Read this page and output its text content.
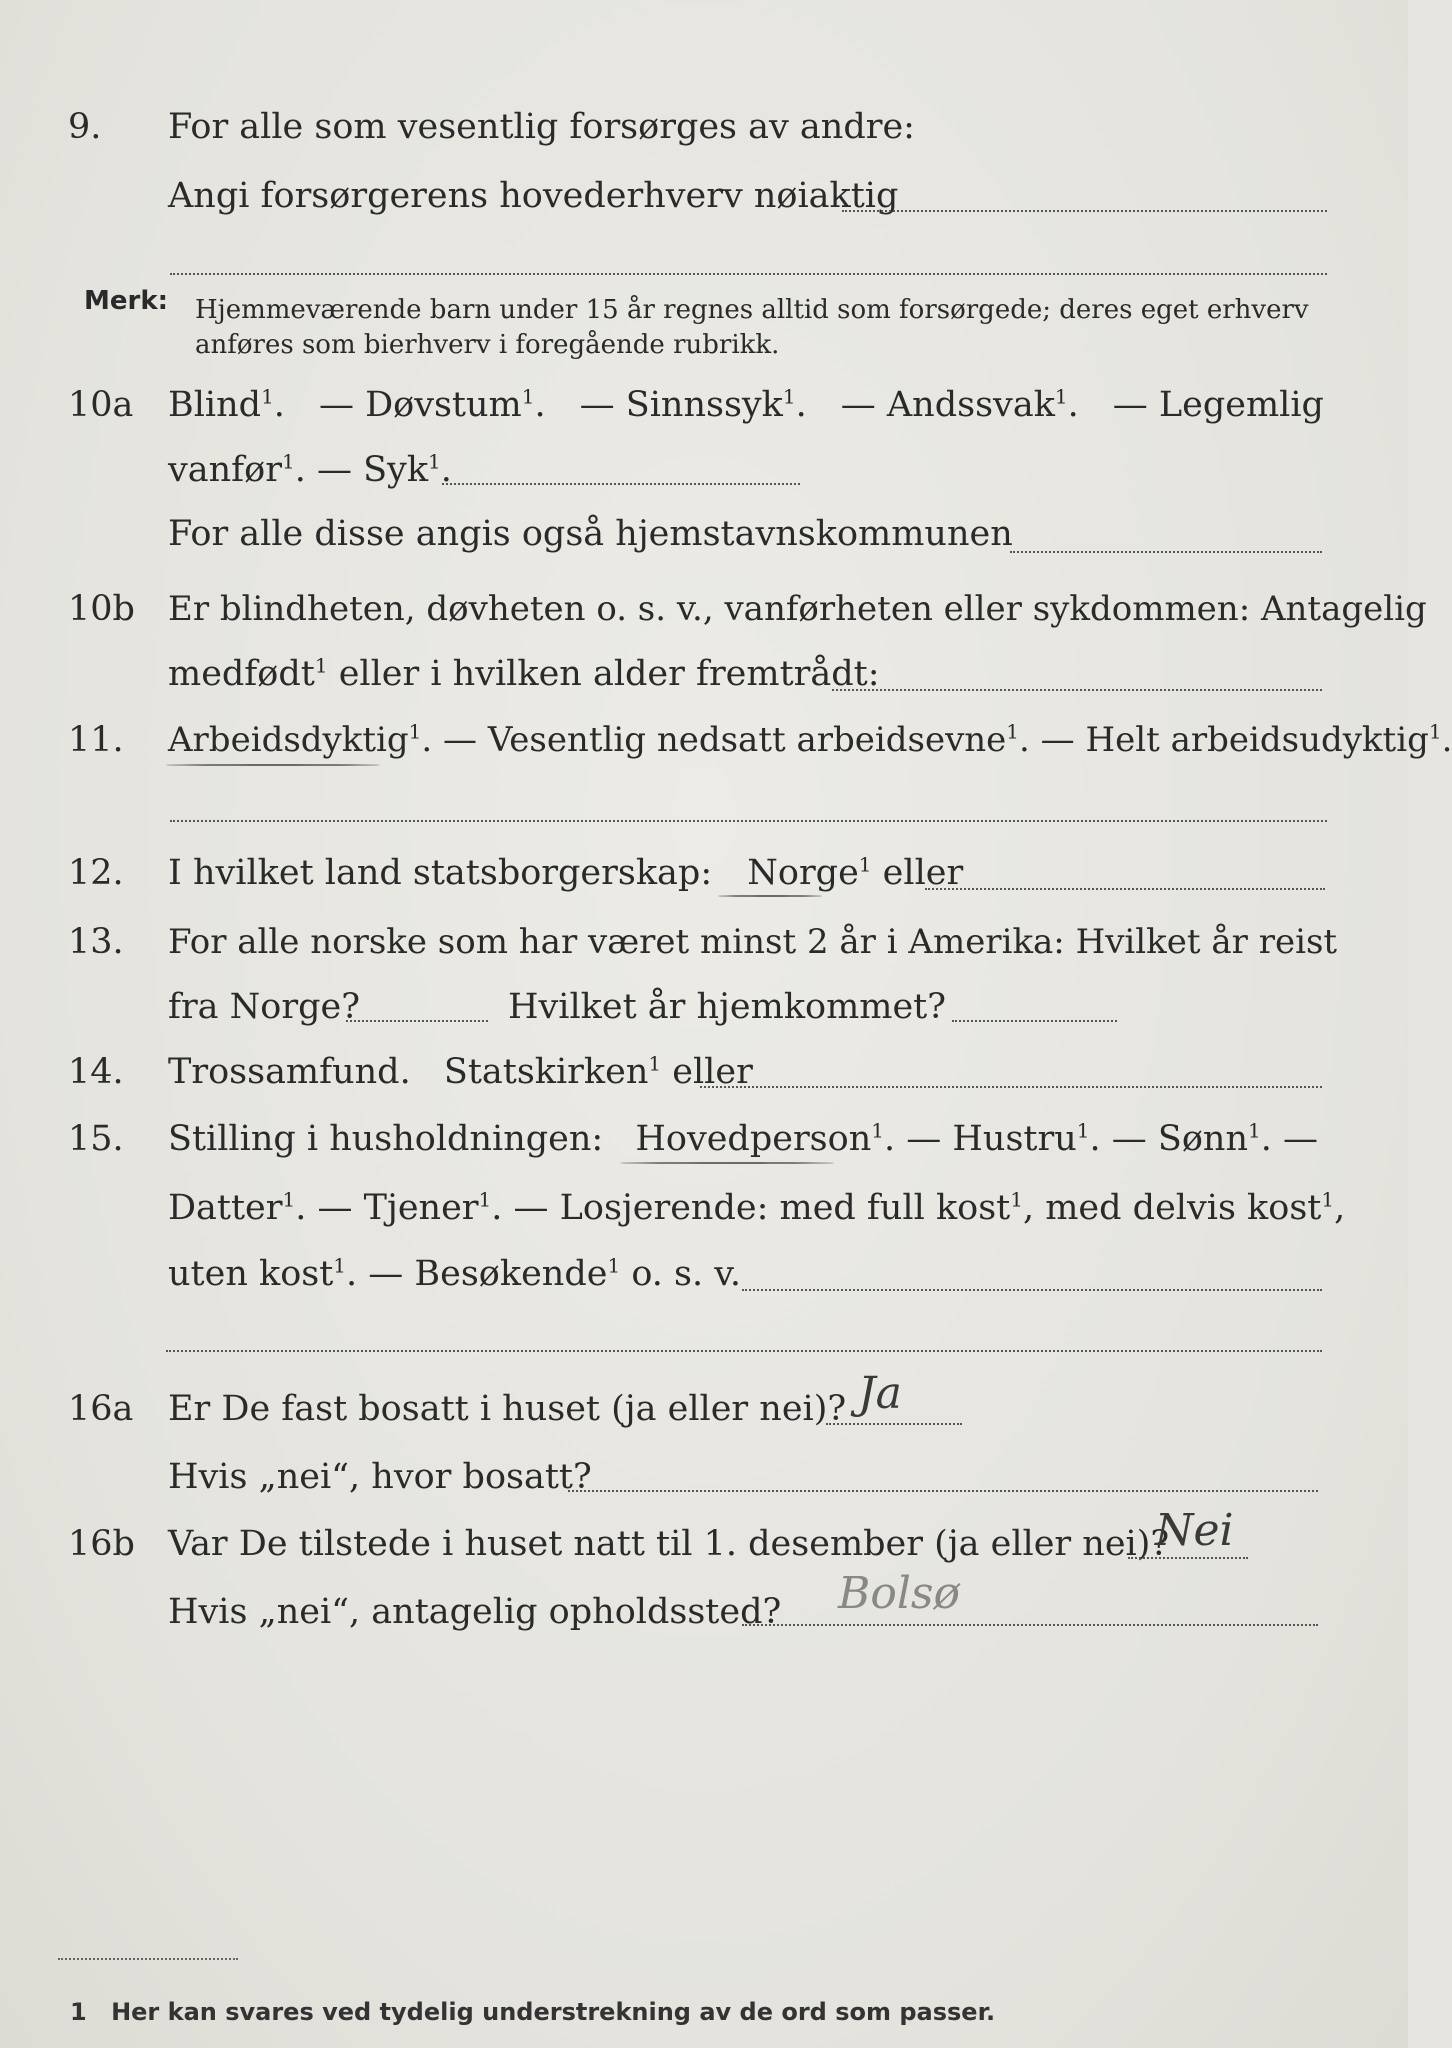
9.	For alle som vesentlig forsørges av andre:
Angi forsørgerens hovederhverv nøiaktig
Merk: Hjemmeværende barn under 15 år regnes alltid som forsørgede; deres eget erhverv
anføres som bierhverv i foregående rubrikk.
10a Blind$^1$. — Døvstum$^1$. — Sinnssyk$^1$. — Andssvak$^1$. — Legemlig
vanfør$^1$. — Syk$^1$.
For alle disse angis også hjemstavnskommunen
10b Er blindheten, døvheten o. s. v., vanførheten eller sykdommen: Antagelig
medfødt$^1$ eller i hvilken alder fremtrådt:
11.	Arbeidsdyktig$^1$. — Vesentlig nedsatt arbeidsevne$^1$. — Helt arbeidsudyktig$^1$.
12.	I hvilket land statsborgerskap: Norge$^1$ eller
13.	For alle norske som har været minst 2 år i Amerika: Hvilket år reist
fra Norge?	Hvilket år hjemkommet?
14.	Trossamfund. Statskirken$^1$ eller
15.	Stilling i husholdningen: Hovedperson$^1$. — Hustru$^1$. — Sønn$^1$. —
Datter$^1$. — Tjener$^1$. — Losjerende: med full kost$^1$, med delvis kost$^1$,
uten kost$^1$. — Besøkende$^1$ o. s. v.
16a Er De fast bosatt i huset (ja eller nei)? Ja
Hvis „nei“, hvor bosatt?
16b Var De tilstede i huset natt til 1. desember (ja eller nei)?
Nei
Hvis „nei“, antagelig opholdssted? Bolsø
1 Her kan svares ved tydelig understrekning av de ord som passer.
